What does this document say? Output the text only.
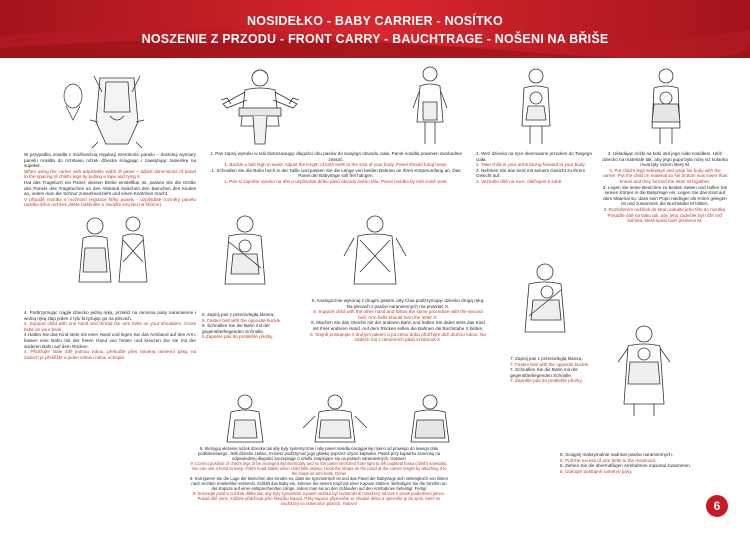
NOSIDEŁKO - BABY CARRIER - NOSÍTKO
NOSZENIE Z PRZODU - FRONT CARRY - BAUCHTRAGE - NOŠENI NA BŘIŠE

W przypadku nosidła z możliwością regulacji szerokości panelu – dostosuj wymiary panelu nosidła do rozstawu nóżek dziecka ściągając i zawiązując tasiemkę na supełek.

When using the carrier with adjustable width of panel – adjust dimensions of panel to the spacing of child's legs by pulling a tape and tying it.

Hat das Tragetuch ein Panel, dessen Breite einstellbar ist, passen Sie die Größe des Panels des Tragetuches an den Abstand zwischen den Beinchen des Kindes an, indem man die Schnur zusammenzieht und einen Knötchen macht.

V případě nosítka s možností regulace šířky panelu - uzpůsobte rozměry panelu nosítka šířce nožiček dítěte (stáhněte a zavažte smyčku na šňůrce).

1. Pas zapnij wysoko w talii dostosowując długości obu pasów do swojego obwodu ciała. Panel nosidła powinien swobodnie zwisać.

1. Buckle a belt high in waist. Adjust the length of both belts to the size of your body. Panel should hang loose.

1. Schnallen Sie die Bahn hoch in der Taille und passen Sie die Länge von beiden Bahnen an Ihren Körperumfang an. Das Panel der Babytrage soll frei hängen.

1. Pás si zapněte vysoko na těle a uzpůsobte délku pásů obvodu svého těla. Panel nosítka by měl volně viset.

2. Weź dziecko na ręce skierowane przodem do Twojego ciała.

2. Take child in your arms facing forward to your body.

2. Nehmen Sie das Kind mit seinem Gesicht zu Ihrem Gesicht auf.

2. Vezměte dítě na ruce, obličejem k sobě.

3. Układając nóżki na boki otul jego ciało nosidłem. Ułóż dziecko na materiale tak, aby jego pupa była niżej niż kolanka i tworzyły razem literę M.

3. Put child's legs sideways and wrap his body with the carrier. Put the child on material so his bottom was lower than knees and they formed the letter M together.

3. Legen Sie seine Beinchen zu beiden Seiten und hüllen Sie seinen Körper in die Babytrage ein. Legen Sie das Kind auf dem Material so, dass sein Popo niedriger als Knien gelegen ist und zusammen die Buchstabe M bilden.

3. Rozložením nožiček do stran zabalte jeho tělo do nosítka. Posaďte dítě na látku tak, aby jeho zadeček byl níže než kolínka, která spolu tvoří písmeno M.

4. Podtrzymując ciągle dziecko jedną ręką, przełóż na ramiona pasy naramienne i wolną ręką złap jeden z tyłu krzyżując go na plecach.

4. Support child with one hand and thread the arm belts on your shoulders. Cross belts on your back.

4.Halten Sie das Kind stets mit einer Hand und legen Sie das Armband auf den Arm, fassen eine Bahn mit der freien Hand von hinten und kreuzen Sie sie mit der anderen Bahn auf dem Rücken.

4. Přidržujte stále dítě jednou rukou, přehoďte přes ramena ramenní pásy, na zádech je překřižte a jeden volnou rukou uchopte.

5. Zapnij pas z przeciwległą klamrą.

5. Fasten belt with the opposite buckle.

5. Schnallen Sie die Bahn mit der gegenüberliegenden Schnalle.

5.Zapněte pás do protilehlé přezky.

6. Analogicznie wykonaj z drugim pasem cały czas podtrzymując dziecko drugą ręką. Na plecach z pasów naramiennych ma powstać X.

6. Support child with the other hand and follow the same procedure with the second belt. Arm belts should form the letter X.

6. Machen Sie das Gleiche mit der anderen Bahn und halten Sie dabei stets das Kind mit Ihrer anderen Hand. Auf dem Rücken sollen die Bahnen die Buchstabe X bilden.

6. Stejně postupujte s druhým pásem a po celou dobu přidržujte dítě druhou rukou. Na zádech má z ramenních pásů vzniknout X.

7. Zapnij pas z przeciwległą klamrą.

7. Fasten belt with the opposite buckle.

7. Schnallen Sie die Bahn mit der gegenüberliegenden Schnalle.

7. Zapněte pás do protilehlé přezky.

8. Ściągnij maksymalnie nadmiar pasów naramiennych.

8. Pull the excess of arm belts to the maximum.

8. Ziehen Sie die übermäßigen Armbahnen maximal zusammen.

8. Utahujte postupně ramenní pásy.

9. Skoryguj ułożenie nóżek dziecka tak aby były symetrycznie i aby panel nosidła naciągał się równo od prawego do lewego dołu podkolanowego. Jeśli dziecko zaśnie, możesz podtrzymać jego główkę poprzez użycie kapturka. Pasek przy kapturku zamontuj na odpowiedniej długości zaczepiając o szlufki znajdujące się na pasach naramiennych. Gotowe!

9. Correct position of child's legs to be arranged symmetrically and so the panel stretched from right to left popliteal fossa (child's kneepits). You can use a hood to keep child's head stable when child falls asleep. Hook the straps on the hood at the correct length by attaching it to the loops on arm belts. Done!

9. Korrigieren Sie die Lage der Beinchen des Kindes so, dass sie symmetrisch ist und das Panel der Babytrage sich seitengleich von linken nach rechten Kniekehlen erstreckt. Schläft das Baby ein, können Sie seinen Kopf mit einer Kapuze stützen. Befestigen Sie die Streifen an der Kapuze auf einer entsprechenden Länge, indem man sie an den Schlaufen auf den Armbahnen befestigt. Fertig!

9. Srovnejte polohu nožiček dítěte tak, aby byly symetrické a panel nosítka byl rovnoměrně roztažený od levé k pravé podkolenní jamce. Pokud dítě usne, můžete přidržovat jeho hlavičku kapuci. Pásy kapuce připevněte ve vhodné délce a upevněte je do spon, které se nacházejí na ramenních pásech. Hotovo!	6
